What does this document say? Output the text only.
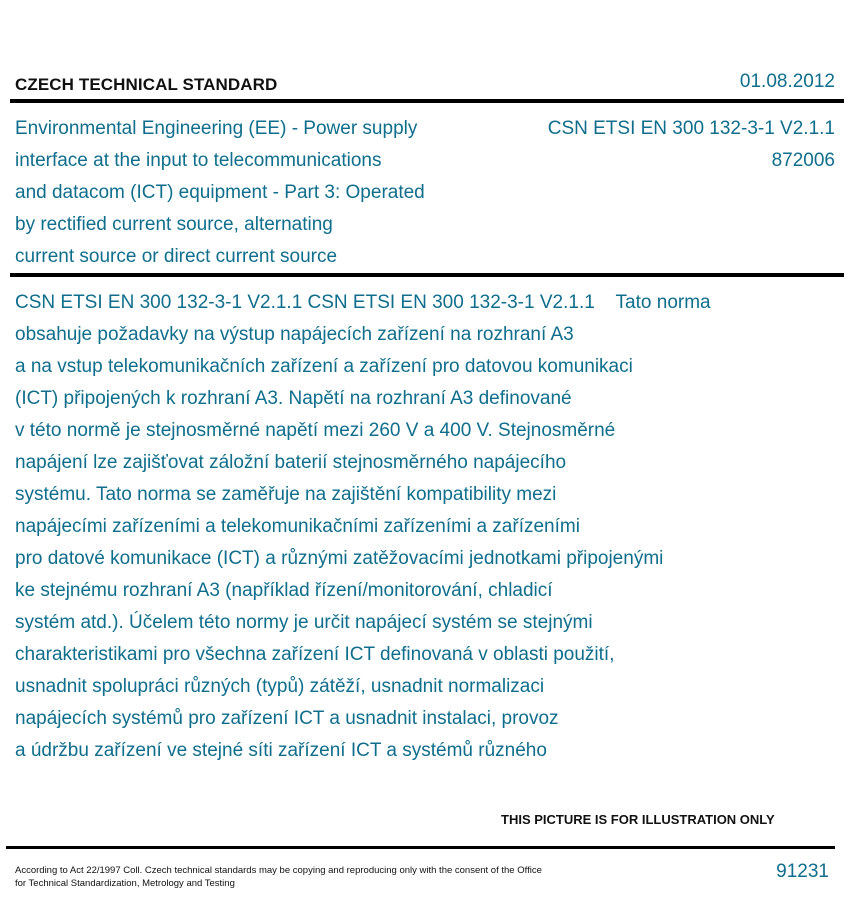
CZECH TECHNICAL STANDARD	01.08.2012
Environmental Engineering (EE) - Power supply
interface at the input to telecommunications
and datacom (ICT) equipment - Part 3: Operated
by rectified current source, alternating
current source or direct current source
CSN ETSI EN 300 132-3-1 V2.1.1
872006
CSN ETSI EN 300 132-3-1 V2.1.1 CSN ETSI EN 300 132-3-1 V2.1.1    Tato norma
obsahuje požadavky na výstup napájecích zařízení na rozhraní A3
a na vstup telekomunikačních zařízení a zařízení pro datovou komunikaci
(ICT) připojených k rozhraní A3. Napětí na rozhraní A3 definované
v této normě je stejnosměrné napětí mezi 260 V a 400 V. Stejnosměrné
napájení lze zajišťovat záložní baterií stejnosměrného napájecího
systému. Tato norma se zaměřuje na zajištění kompatibility mezi
napájecími zařízeními a telekomunikačními zařízeními a zařízeními
pro datové komunikace (ICT) a různými zatěžovacími jednotkami připojenými
ke stejnému rozhraní A3 (například řízení/monitorování, chladicí
systém atd.). Účelem této normy je určit napájecí systém se stejnými
charakteristikami pro všechna zařízení ICT definovaná v oblasti použití,
usnadnit spolupráci různých (typů) zátěží, usnadnit normalizaci
napájecích systémů pro zařízení ICT a usnadnit instalaci, provoz
a údržbu zařízení ve stejné síti zařízení ICT a systémů různého
THIS PICTURE IS FOR ILLUSTRATION ONLY
According to Act 22/1997 Coll. Czech technical standards may be copying and reproducing only with the consent of the Office
for Technical Standardization, Metrology and Testing
91231
